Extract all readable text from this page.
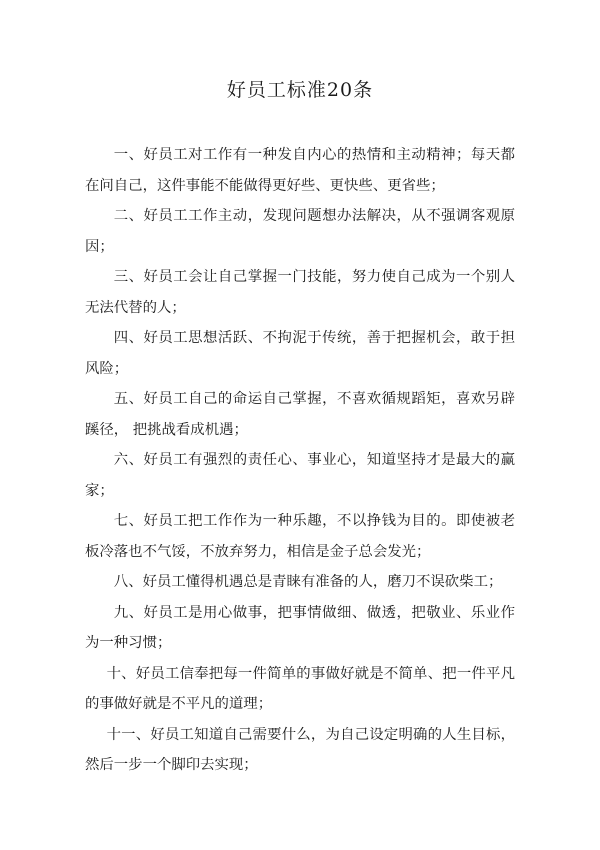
好员工标准20条

一、好员工对工作有一种发自内心的热情和主动精神；每天都在问自己，这件事能不能做得更好些、更快些、更省些；

二、好员工工作主动，发现问题想办法解决，从不强调客观原因；

三、好员工会让自己掌握一门技能，努力使自己成为一个别人无法代替的人；

四、好员工思想活跃、不拘泥于传统，善于把握机会，敢于担风险；

五、好员工自己的命运自己掌握，不喜欢循规蹈矩，喜欢另辟蹊径， 把挑战看成机遇；

六、好员工有强烈的责任心、事业心，知道坚持才是最大的赢家；

七、好员工把工作作为一种乐趣，不以挣钱为目的。即使被老板冷落也不气馁，不放弃努力，相信是金子总会发光；

八、好员工懂得机遇总是青睐有准备的人，磨刀不误砍柴工；

九、好员工是用心做事，把事情做细、做透，把敬业、乐业作为一种习惯；

十、好员工信奉把每一件简单的事做好就是不简单、把一件平凡的事做好就是不平凡的道理；

十一、好员工知道自己需要什么，为自己设定明确的人生目标，然后一步一个脚印去实现；
